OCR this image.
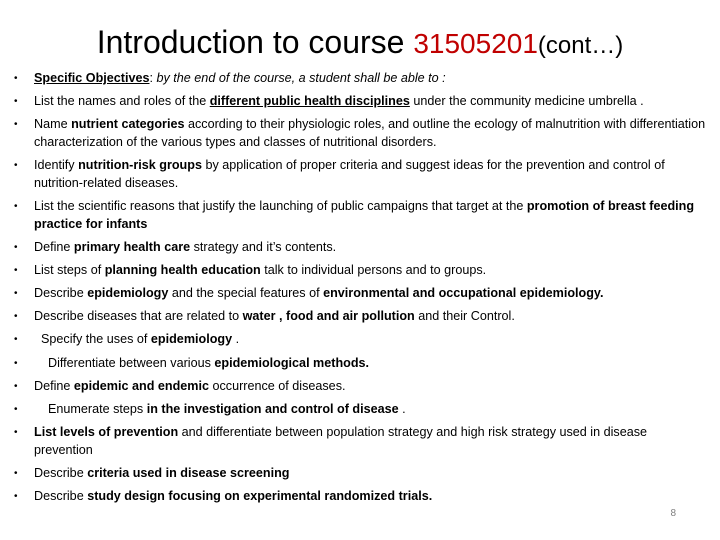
Introduction to course 31505201(cont…)
• Specific Objectives: by the end of the course, a student shall be able to :
• List the names and roles of the different public health disciplines under the community medicine umbrella .
• Name nutrient categories according to their physiologic roles, and outline the ecology of malnutrition with differentiation characterization of the various types and classes of nutritional disorders.
• Identify nutrition-risk groups by application of proper criteria and suggest ideas for the prevention and control of nutrition-related diseases.
• List the scientific reasons that justify the launching of public campaigns that target at the promotion of breast feeding practice for infants
• Define primary health care strategy and it’s contents.
• List steps of planning health education talk to individual persons and to groups.
• Describe epidemiology and the special features of environmental and occupational epidemiology.
• Describe diseases that are related to water , food and air pollution and their Control.
• Specify the uses of epidemiology .
• Differentiate between various epidemiological methods.
• Define epidemic and endemic occurrence of diseases.
• Enumerate steps in the investigation and control of disease .
• List levels of prevention and differentiate between population strategy and high risk strategy used in disease prevention
• Describe criteria used in disease screening
• Describe study design focusing on experimental randomized trials.
8
